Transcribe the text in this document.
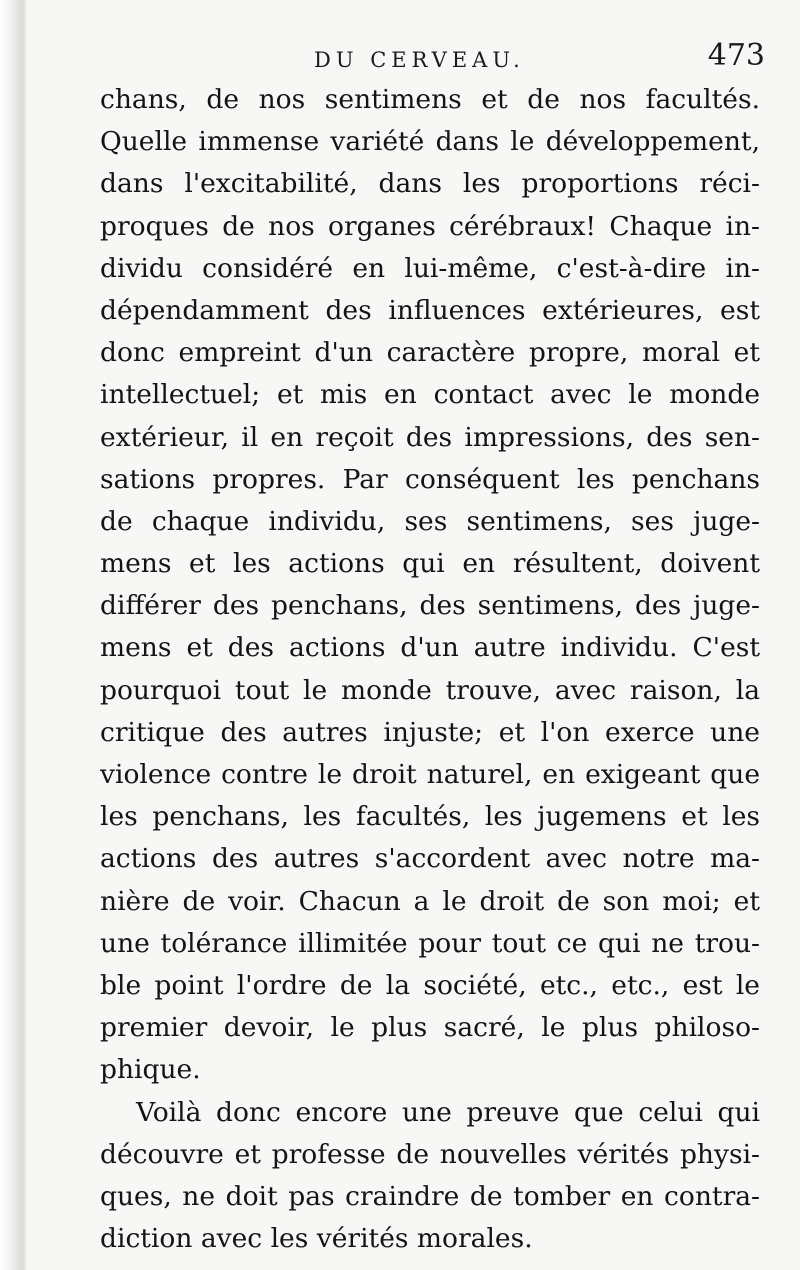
DU CERVEAU.	473
chans, de nos sentimens et de nos facultés.
Quelle immense variété dans le développement,
dans l'excitabilité, dans les proportions réci-
proques de nos organes cérébraux! Chaque in-
dividu considéré en lui-même, c'est-à-dire in-
dépendamment des influences extérieures, est
donc empreint d'un caractère propre, moral et
intellectuel; et mis en contact avec le monde
extérieur, il en reçoit des impressions, des sen-
sations propres. Par conséquent les penchans
de chaque individu, ses sentimens, ses juge-
mens et les actions qui en résultent, doivent
différer des penchans, des sentimens, des juge-
mens et des actions d'un autre individu. C'est
pourquoi tout le monde trouve, avec raison, la
critique des autres injuste; et l'on exerce une
violence contre le droit naturel, en exigeant que
les penchans, les facultés, les jugemens et les
actions des autres s'accordent avec notre ma-
nière de voir. Chacun a le droit de son moi; et
une tolérance illimitée pour tout ce qui ne trou-
ble point l'ordre de la société, etc., etc., est le
premier devoir, le plus sacré, le plus philoso-
phique.
Voilà donc encore une preuve que celui qui
découvre et professe de nouvelles vérités physi-
ques, ne doit pas craindre de tomber en contra-
diction avec les vérités morales.
